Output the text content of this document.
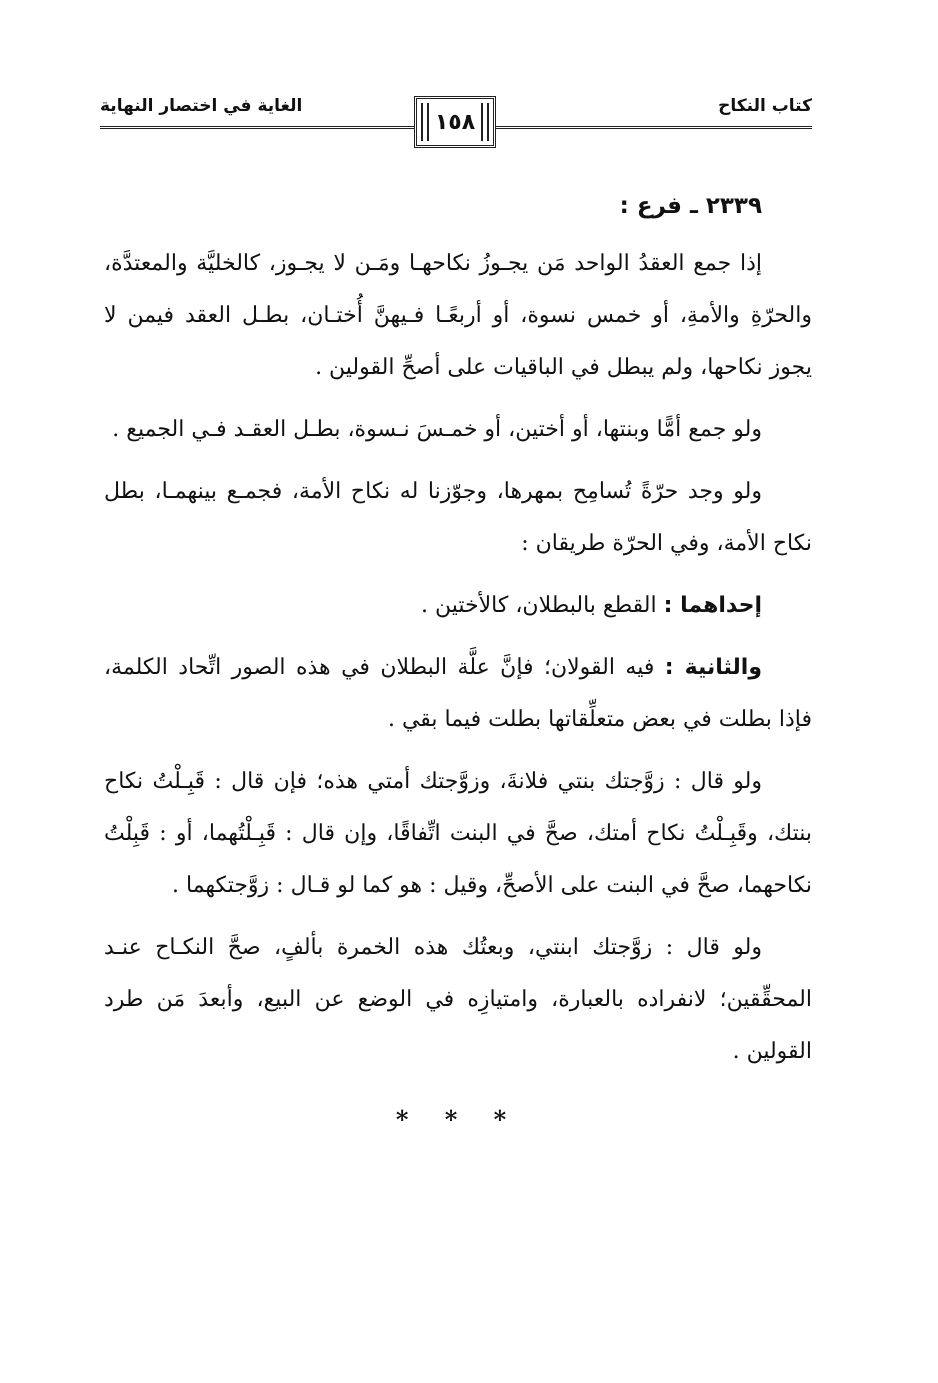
كتاب النكاح
١٥٨
الغاية في اختصار النهاية
٢٣٣٩ ـ فرع :

إذا جمع العقدُ الواحد مَن يجـوزُ نكاحهـا ومَـن لا يجـوز، كالخليَّة والمعتدَّة، والحرّةِ والأمةِ، أو خمس نسوة، أو أربعًـا فـيهنَّ أُختـان، بطـل العقد فيمن لا يجوز نكاحها، ولم يبطل في الباقيات على أصحِّ القولين .

ولو جمع أمًّا وبنتها، أو أختين، أو خمـسَ نـسوة، بطـل العقـد فـي الجميع .

ولو وجد حرّةً تُسامِح بمهرها، وجوّزنا له نكاح الأمة، فجمـع بينهمـا، بطل نكاح الأمة، وفي الحرّة طريقان :

إحداهما : القطع بالبطلان، كالأختين .

والثانية : فيه القولان؛ فإنَّ علَّة البطلان في هذه الصور اتِّحاد الكلمة، فإذا بطلت في بعض متعلِّقاتها بطلت فيما بقي .

ولو قال : زوَّجتك بنتي فلانةَ، وزوَّجتك أمتي هذه؛ فإن قال : قَبِـلْتُ نكاح بنتك، وقَبِـلْتُ نكاح أمتك، صحَّ في البنت اتِّفاقًا، وإن قال : قَبِـلْتُهما، أو : قَبِلْتُ نكاحهما، صحَّ في البنت على الأصحِّ، وقيل : هو كما لو قـال : زوَّجتكهما .

ولو قال : زوَّجتك ابنتي، وبعتُك هذه الخمرة بألفٍ، صحَّ النكـاح عنـد المحقِّقين؛ لانفراده بالعبارة، وامتيازِه في الوضع عن البيع، وأبعدَ مَن طرد القولين .

* * *
